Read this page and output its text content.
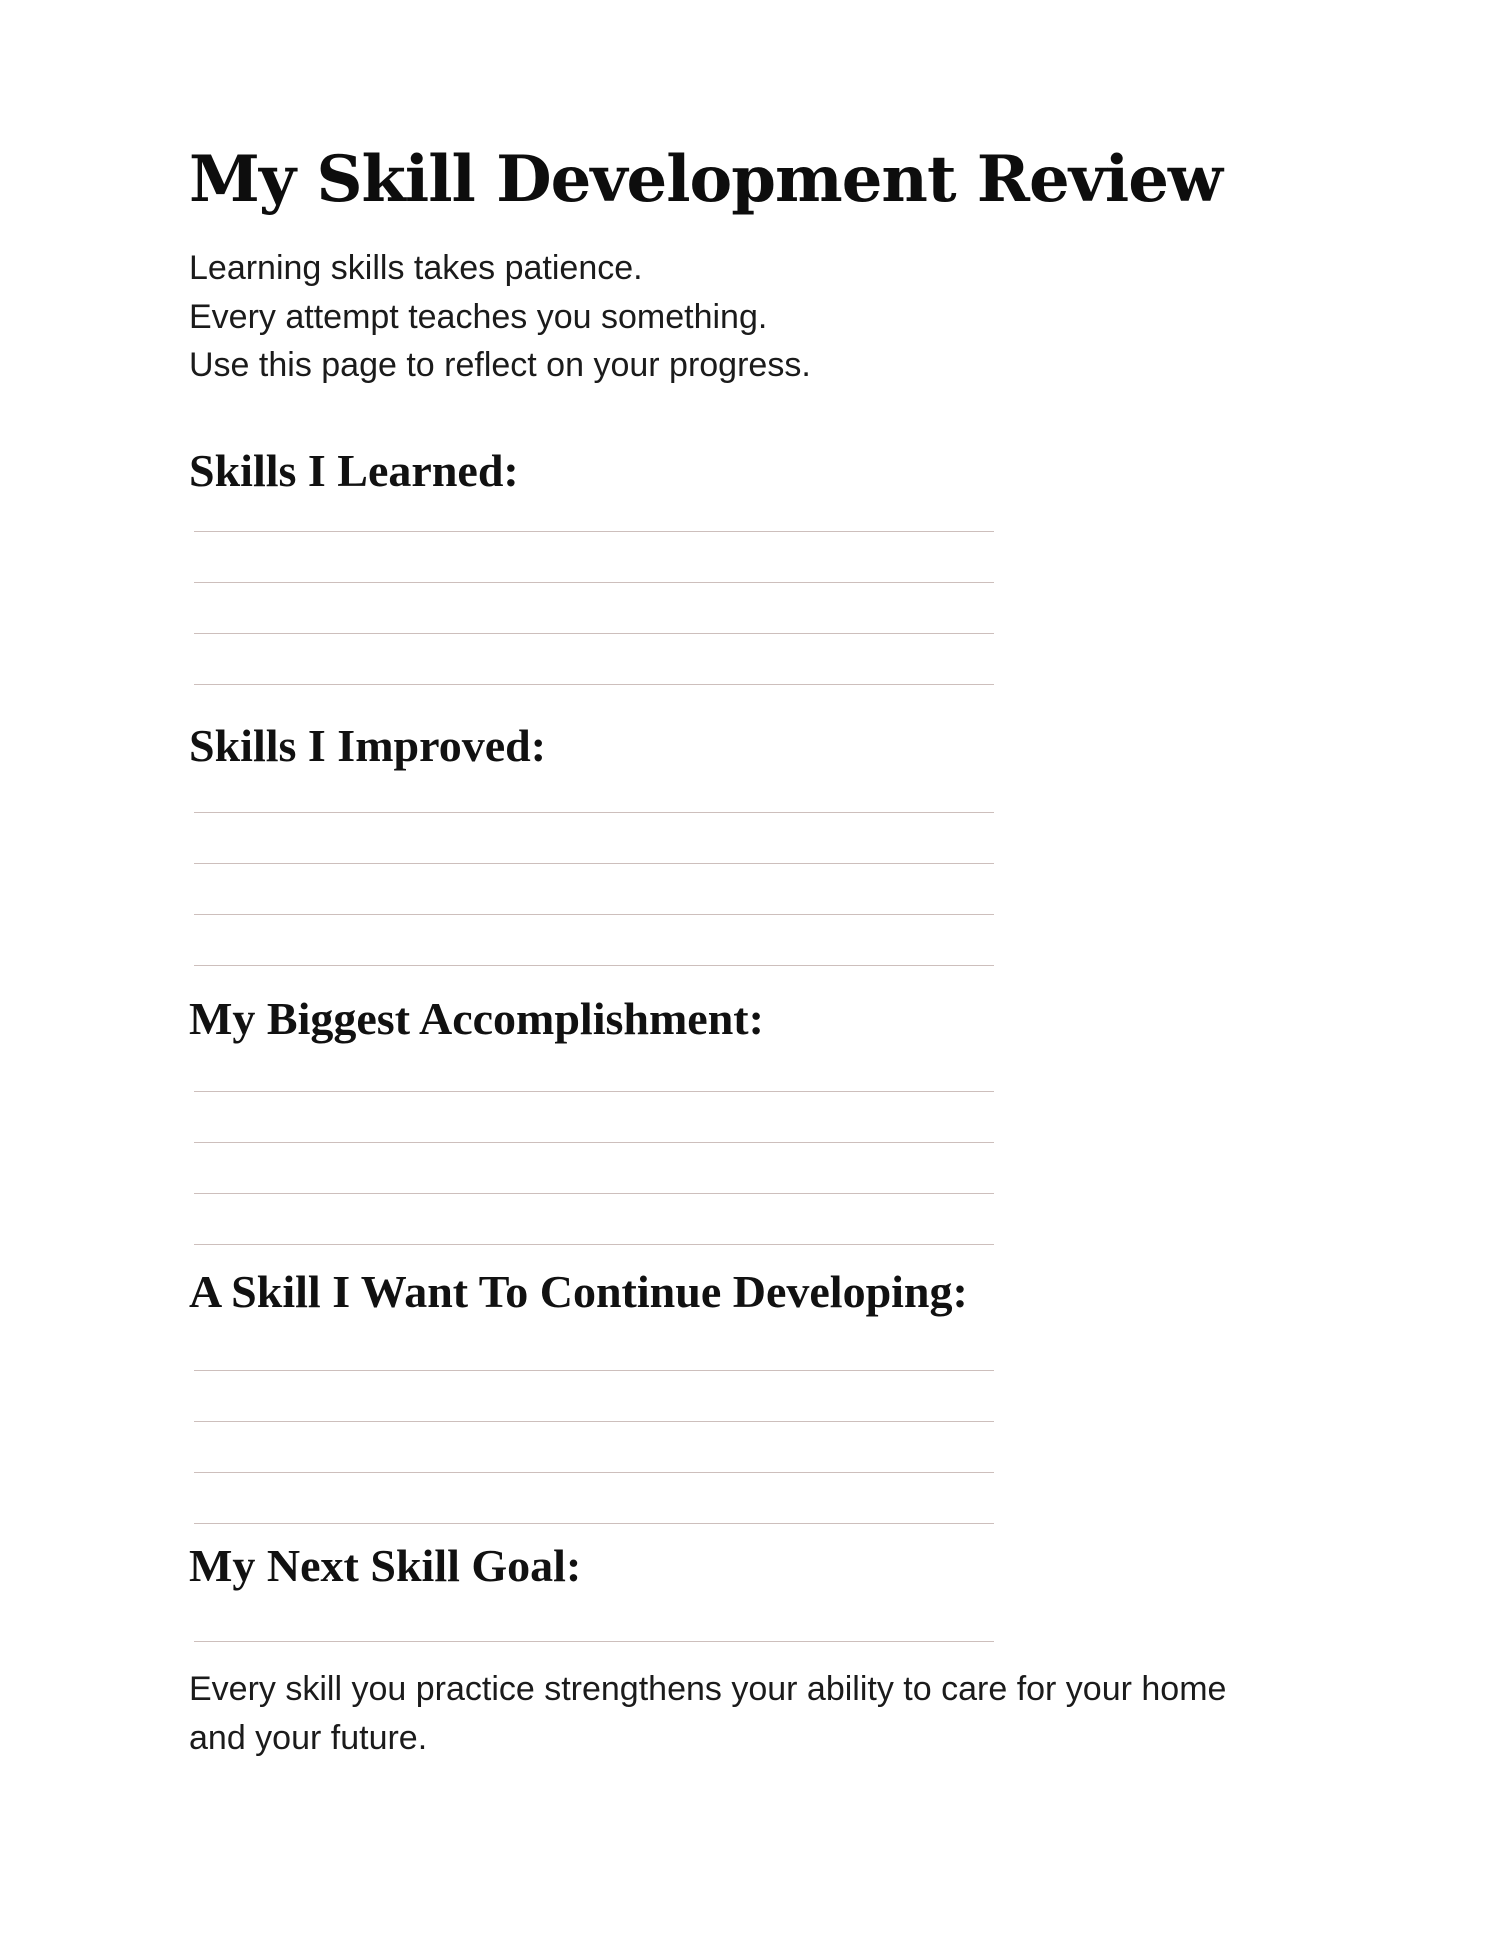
My Skill Development Review

Learning skills takes patience.
Every attempt teaches you something.
Use this page to reflect on your progress.

Skills I Learned:
Skills I Improved:
My Biggest Accomplishment:
A Skill I Want To Continue Developing:
My Next Skill Goal:

Every skill you practice strengthens your ability to care for your home
and your future.
